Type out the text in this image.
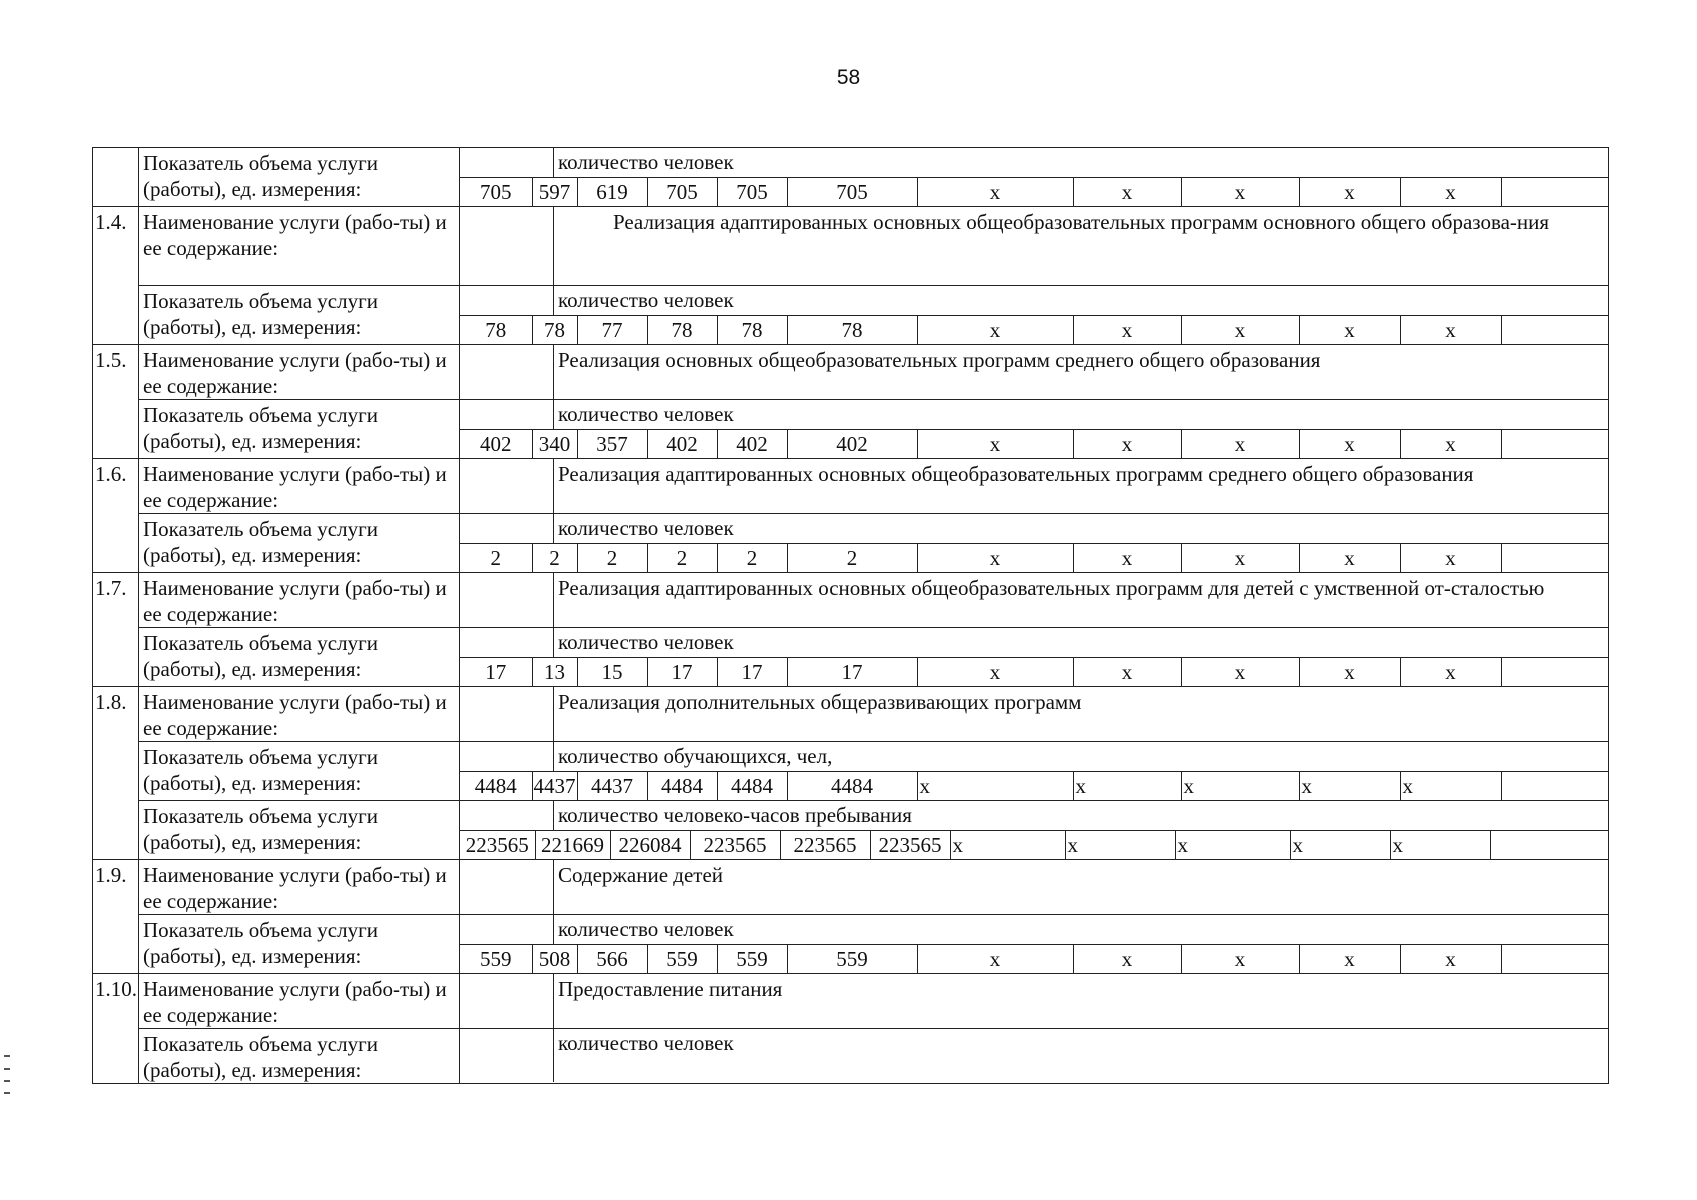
58
	Показатель объема услуги (работы), ед. измерения:	
количество человек
705	597	619	705	705	705	х	х	х	х	х	

1.4.	Наименование услуги (рабо-ты) и ее содержание:	
Реализация адаптированных основных общеобразовательных программ основного общего образова-ния

Показатель объема услуги (работы), ед. измерения:	
количество человек
78	78	77	78	78	78	х	х	х	х	х	

1.5.	Наименование услуги (рабо-ты) и ее содержание:	
Реализация основных общеобразовательных программ среднего общего образования

Показатель объема услуги (работы), ед. измерения:	
количество человек
402	340	357	402	402	402	х	х	х	х	х	

1.6.	Наименование услуги (рабо-ты) и ее содержание:	
Реализация адаптированных основных общеобразовательных программ среднего общего образования

Показатель объема услуги (работы), ед. измерения:	
количество человек
2	2	2	2	2	2	х	х	х	х	х	

1.7.	Наименование услуги (рабо-ты) и ее содержание:	
Реализация адаптированных основных общеобразовательных программ для детей с умственной от-сталостью

Показатель объема услуги (работы), ед. измерения:	
количество человек
17	13	15	17	17	17	х	х	х	х	х	

1.8.	Наименование услуги (рабо-ты) и ее содержание:	
Реализация дополнительных общеразвивающих программ

Показатель объема услуги (работы), ед. измерения:	
количество обучающихся, чел,
4484	4437	4437	4484	4484	4484	х	х	х	х	х	

Показатель объема услуги (работы), ед, измерения:	
количество человеко-часов пребывания
223565	221669	226084	223565	223565	223565	х	х	х	х	х	

1.9.	Наименование услуги (рабо-ты) и ее содержание:	
Содержание детей

Показатель объема услуги (работы), ед. измерения:	
количество человек
559	508	566	559	559	559	х	х	х	х	х	

1.10.	Наименование услуги (рабо-ты) и ее содержание:	
Предоставление питания

Показатель объема услуги (работы), ед. измерения:	
количество человек
